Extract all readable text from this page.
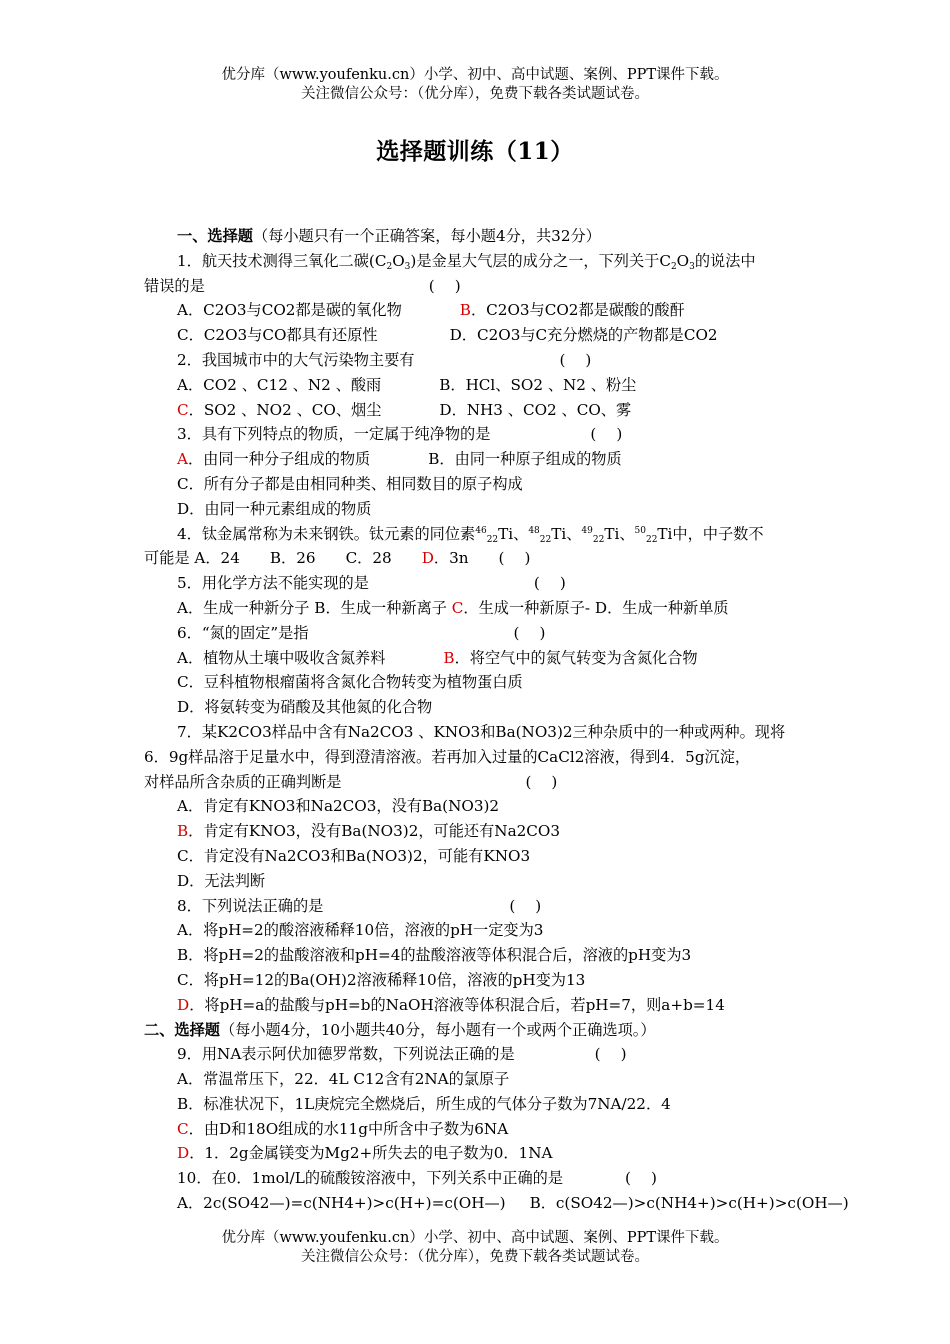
优分库（www.youfenku.cn）小学、初中、高中试题、案例、PPT课件下载。
关注微信公众号：（优分库），免费下载各类试题试卷。
选择题训练（11）
一、选择题（每小题只有一个正确答案，每小题4分，共32分）
1．航天技术测得三氧化二碳$(C_2O_3)$是金星大气层的成分之一，下列关于$C_2O_3$的说法中
错误的是	(　 )
A．C2O3与CO2都是碳的氧化物	B．C2O3与CO2都是碳酸的酸酐
C．C2O3与CO都具有还原性	D．C2O3与C充分燃烧的产物都是CO2
2．我国城市中的大气污染物主要有	(　 )
A．CO2 、C12 、N2 、酸雨	B．HCl、SO2 、N2 、粉尘
C．SO2 、NO2 、CO、烟尘	D．NH3 、CO2 、CO、雾
3．具有下列特点的物质，一定属于纯净物的是	(　 )
A．由同一种分子组成的物质	B．由同一种原子组成的物质
C．所有分子都是由相同种类、相同数目的原子构成
D．由同一种元素组成的物质
4．钛金属常称为未来钢铁。钛元素的同位素$^{46}_{22}$Ti、$^{48}_{22}$Ti、$^{49}_{22}$Ti、$^{50}_{22}$Ti中，中子数不
可能是 A．24 B．26 C．28 D．3n (　 )
5．用化学方法不能实现的是	(　 )
A．生成一种新分子 B．生成一种新离子 C．生成一种新原子- D．生成一种新单质
6．“氮的固定”是指	(　 )
A．植物从土壤中吸收含氮养料	B．将空气中的氮气转变为含氮化合物
C．豆科植物根瘤菌将含氮化合物转变为植物蛋白质
D．将氨转变为硝酸及其他氮的化合物
7．某K2CO3样品中含有Na2CO3 、KNO3和Ba(NO3)2三种杂质中的一种或两种。现将
6．9g样品溶于足量水中，得到澄清溶液。若再加入过量的CaCl2溶液，得到4．5g沉淀，
对样品所含杂质的正确判断是	(　 )
A．肯定有KNO3和Na2CO3，没有Ba(NO3)2
B．肯定有KNO3，没有Ba(NO3)2，可能还有Na2CO3
C．肯定没有Na2CO3和Ba(NO3)2，可能有KNO3
D．无法判断
8．下列说法正确的是	(　 )
A．将pH=2的酸溶液稀释10倍，溶液的pH一定变为3
B．将pH=2的盐酸溶液和pH=4的盐酸溶液等体积混合后，溶液的pH变为3
C．将pH=12的Ba(OH)2溶液稀释10倍，溶液的pH变为13
D．将pH=a的盐酸与pH=b的NaOH溶液等体积混合后，若pH=7，则a+b=14
二、选择题（每小题4分，10小题共40分，每小题有一个或两个正确选项。）
9．用NA表示阿伏加德罗常数，下列说法正确的是	(　 )
A．常温常压下，22．4L C12含有2NA的氯原子
B．标准状况下，1L庚烷完全燃烧后，所生成的气体分子数为7NA/22．4
C．由D和18O组成的水11g中所含中子数为6NA
D．1．2g金属镁变为Mg2+所失去的电子数为0．1NA
10．在0．1mol/L的硫酸铵溶液中，下列关系中正确的是	(　 )
A．2c(SO42—)=c(NH4+)>c(H+)=c(OH—) B．c(SO42—)>c(NH4+)>c(H+)>c(OH—)
优分库（www.youfenku.cn）小学、初中、高中试题、案例、PPT课件下载。
关注微信公众号：（优分库），免费下载各类试题试卷。
